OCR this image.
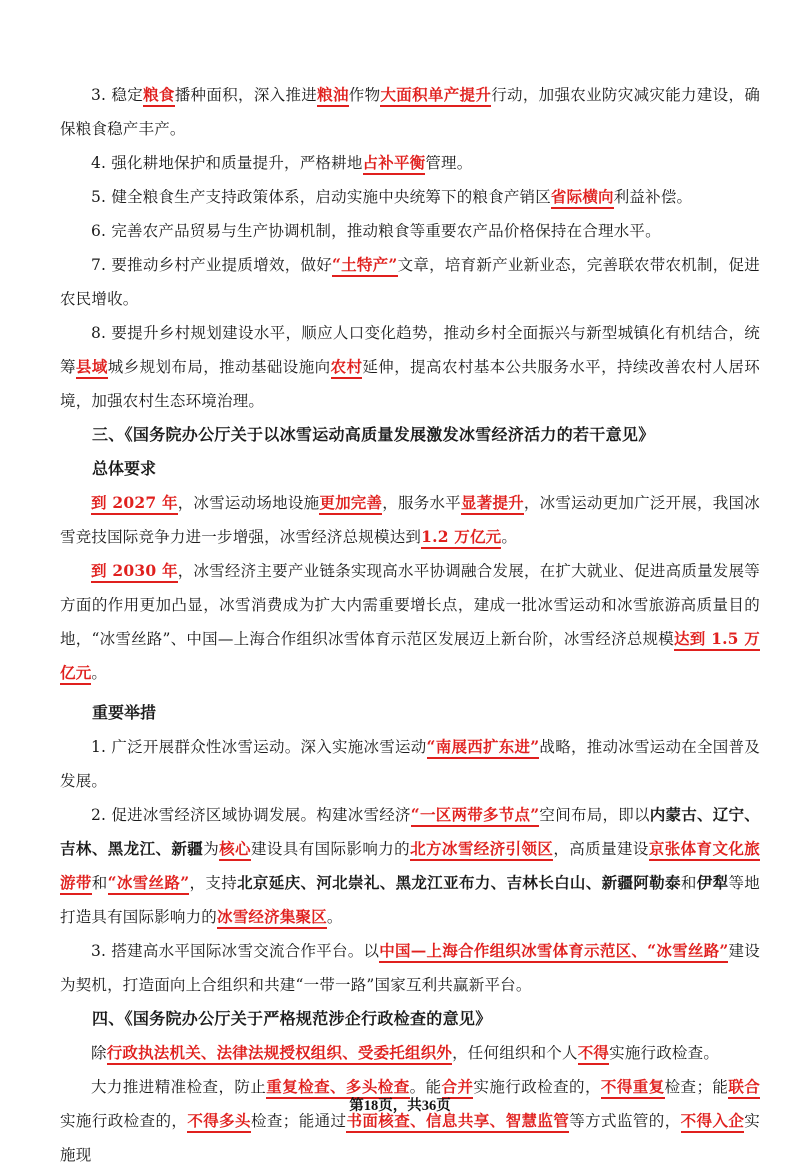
3. 稳定粮食播种面积，深入推进粮油作物大面积单产提升行动，加强农业防灾减灾能力建设，确保粮食稳产丰产。

4. 强化耕地保护和质量提升，严格耕地占补平衡管理。

5. 健全粮食生产支持政策体系，启动实施中央统筹下的粮食产销区省际横向利益补偿。

6. 完善农产品贸易与生产协调机制，推动粮食等重要农产品价格保持在合理水平。

7. 要推动乡村产业提质增效，做好“土特产”文章，培育新产业新业态，完善联农带农机制，促进农民增收。

8. 要提升乡村规划建设水平，顺应人口变化趋势，推动乡村全面振兴与新型城镇化有机结合，统筹县域城乡规划布局，推动基础设施向农村延伸，提高农村基本公共服务水平，持续改善农村人居环境，加强农村生态环境治理。

三、《国务院办公厅关于以冰雪运动高质量发展激发冰雪经济活力的若干意见》

总体要求

到 2027 年，冰雪运动场地设施更加完善，服务水平显著提升，冰雪运动更加广泛开展，我国冰雪竞技国际竞争力进一步增强，冰雪经济总规模达到1.2 万亿元。

到 2030 年，冰雪经济主要产业链条实现高水平协调融合发展，在扩大就业、促进高质量发展等方面的作用更加凸显，冰雪消费成为扩大内需重要增长点，建成一批冰雪运动和冰雪旅游高质量目的地，“冰雪丝路”、中国—上海合作组织冰雪体育示范区发展迈上新台阶，冰雪经济总规模达到 1.5 万亿元。

重要举措

1. 广泛开展群众性冰雪运动。深入实施冰雪运动“南展西扩东进”战略，推动冰雪运动在全国普及发展。

2. 促进冰雪经济区域协调发展。构建冰雪经济“一区两带多节点”空间布局，即以内蒙古、辽宁、吉林、黑龙江、新疆为核心建设具有国际影响力的北方冰雪经济引领区，高质量建设京张体育文化旅游带和“冰雪丝路”，支持北京延庆、河北崇礼、黑龙江亚布力、吉林长白山、新疆阿勒泰和伊犁等地打造具有国际影响力的冰雪经济集聚区。

3. 搭建高水平国际冰雪交流合作平台。以中国—上海合作组织冰雪体育示范区、“冰雪丝路”建设为契机，打造面向上合组织和共建“一带一路”国家互利共赢新平台。

四、《国务院办公厅关于严格规范涉企行政检查的意见》

除行政执法机关、法律法规授权组织、受委托组织外，任何组织和个人不得实施行政检查。

大力推进精准检查，防止重复检查、多头检查。能合并实施行政检查的，不得重复检查；能联合实施行政检查的，不得多头检查；能通过书面核查、信息共享、智慧监管等方式监管的，不得入企实施现

第18页，共36页
